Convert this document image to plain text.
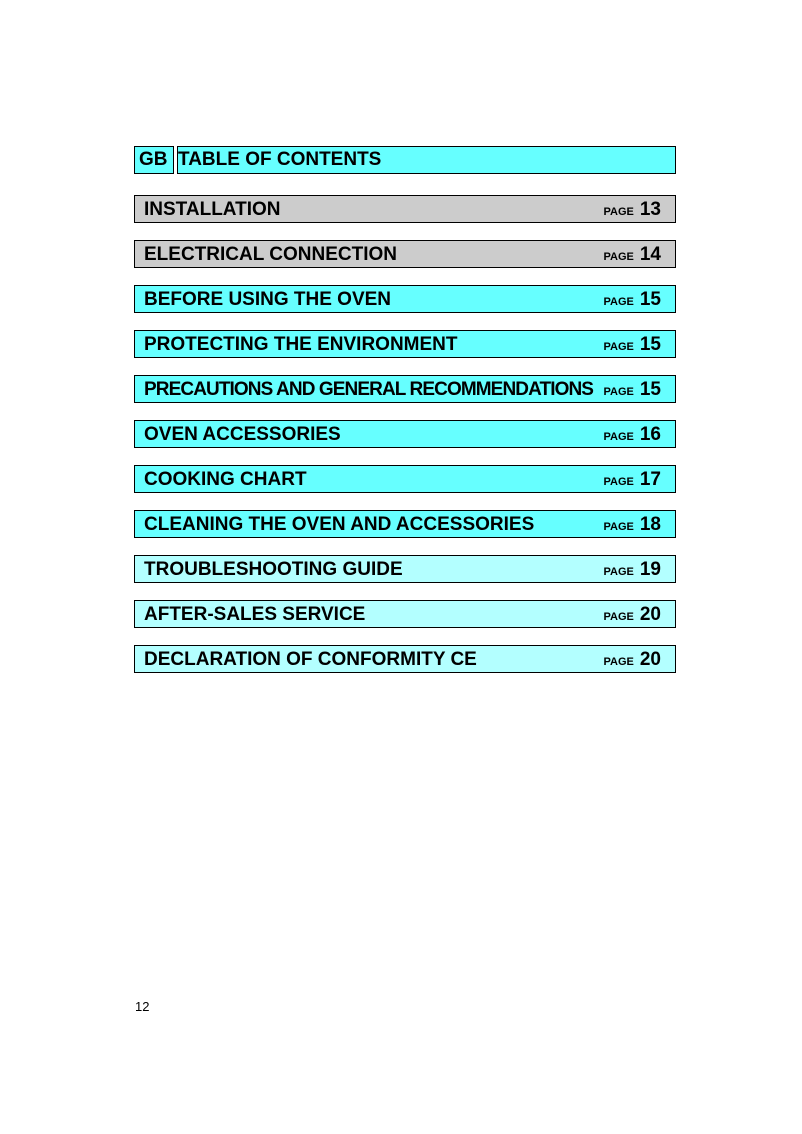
GB TABLE OF CONTENTS
INSTALLATION	PAGE 13
ELECTRICAL CONNECTION	PAGE 14
BEFORE USING THE OVEN	PAGE 15
PROTECTING THE ENVIRONMENT	PAGE 15
PRECAUTIONS AND GENERAL RECOMMENDATIONS PAGE 15
OVEN ACCESSORIES	PAGE 16
COOKING CHART	PAGE 17
CLEANING THE OVEN AND ACCESSORIES	PAGE 18
TROUBLESHOOTING GUIDE	PAGE 19
AFTER-SALES SERVICE	PAGE 20
DECLARATION OF CONFORMITY CE	PAGE 20
12
